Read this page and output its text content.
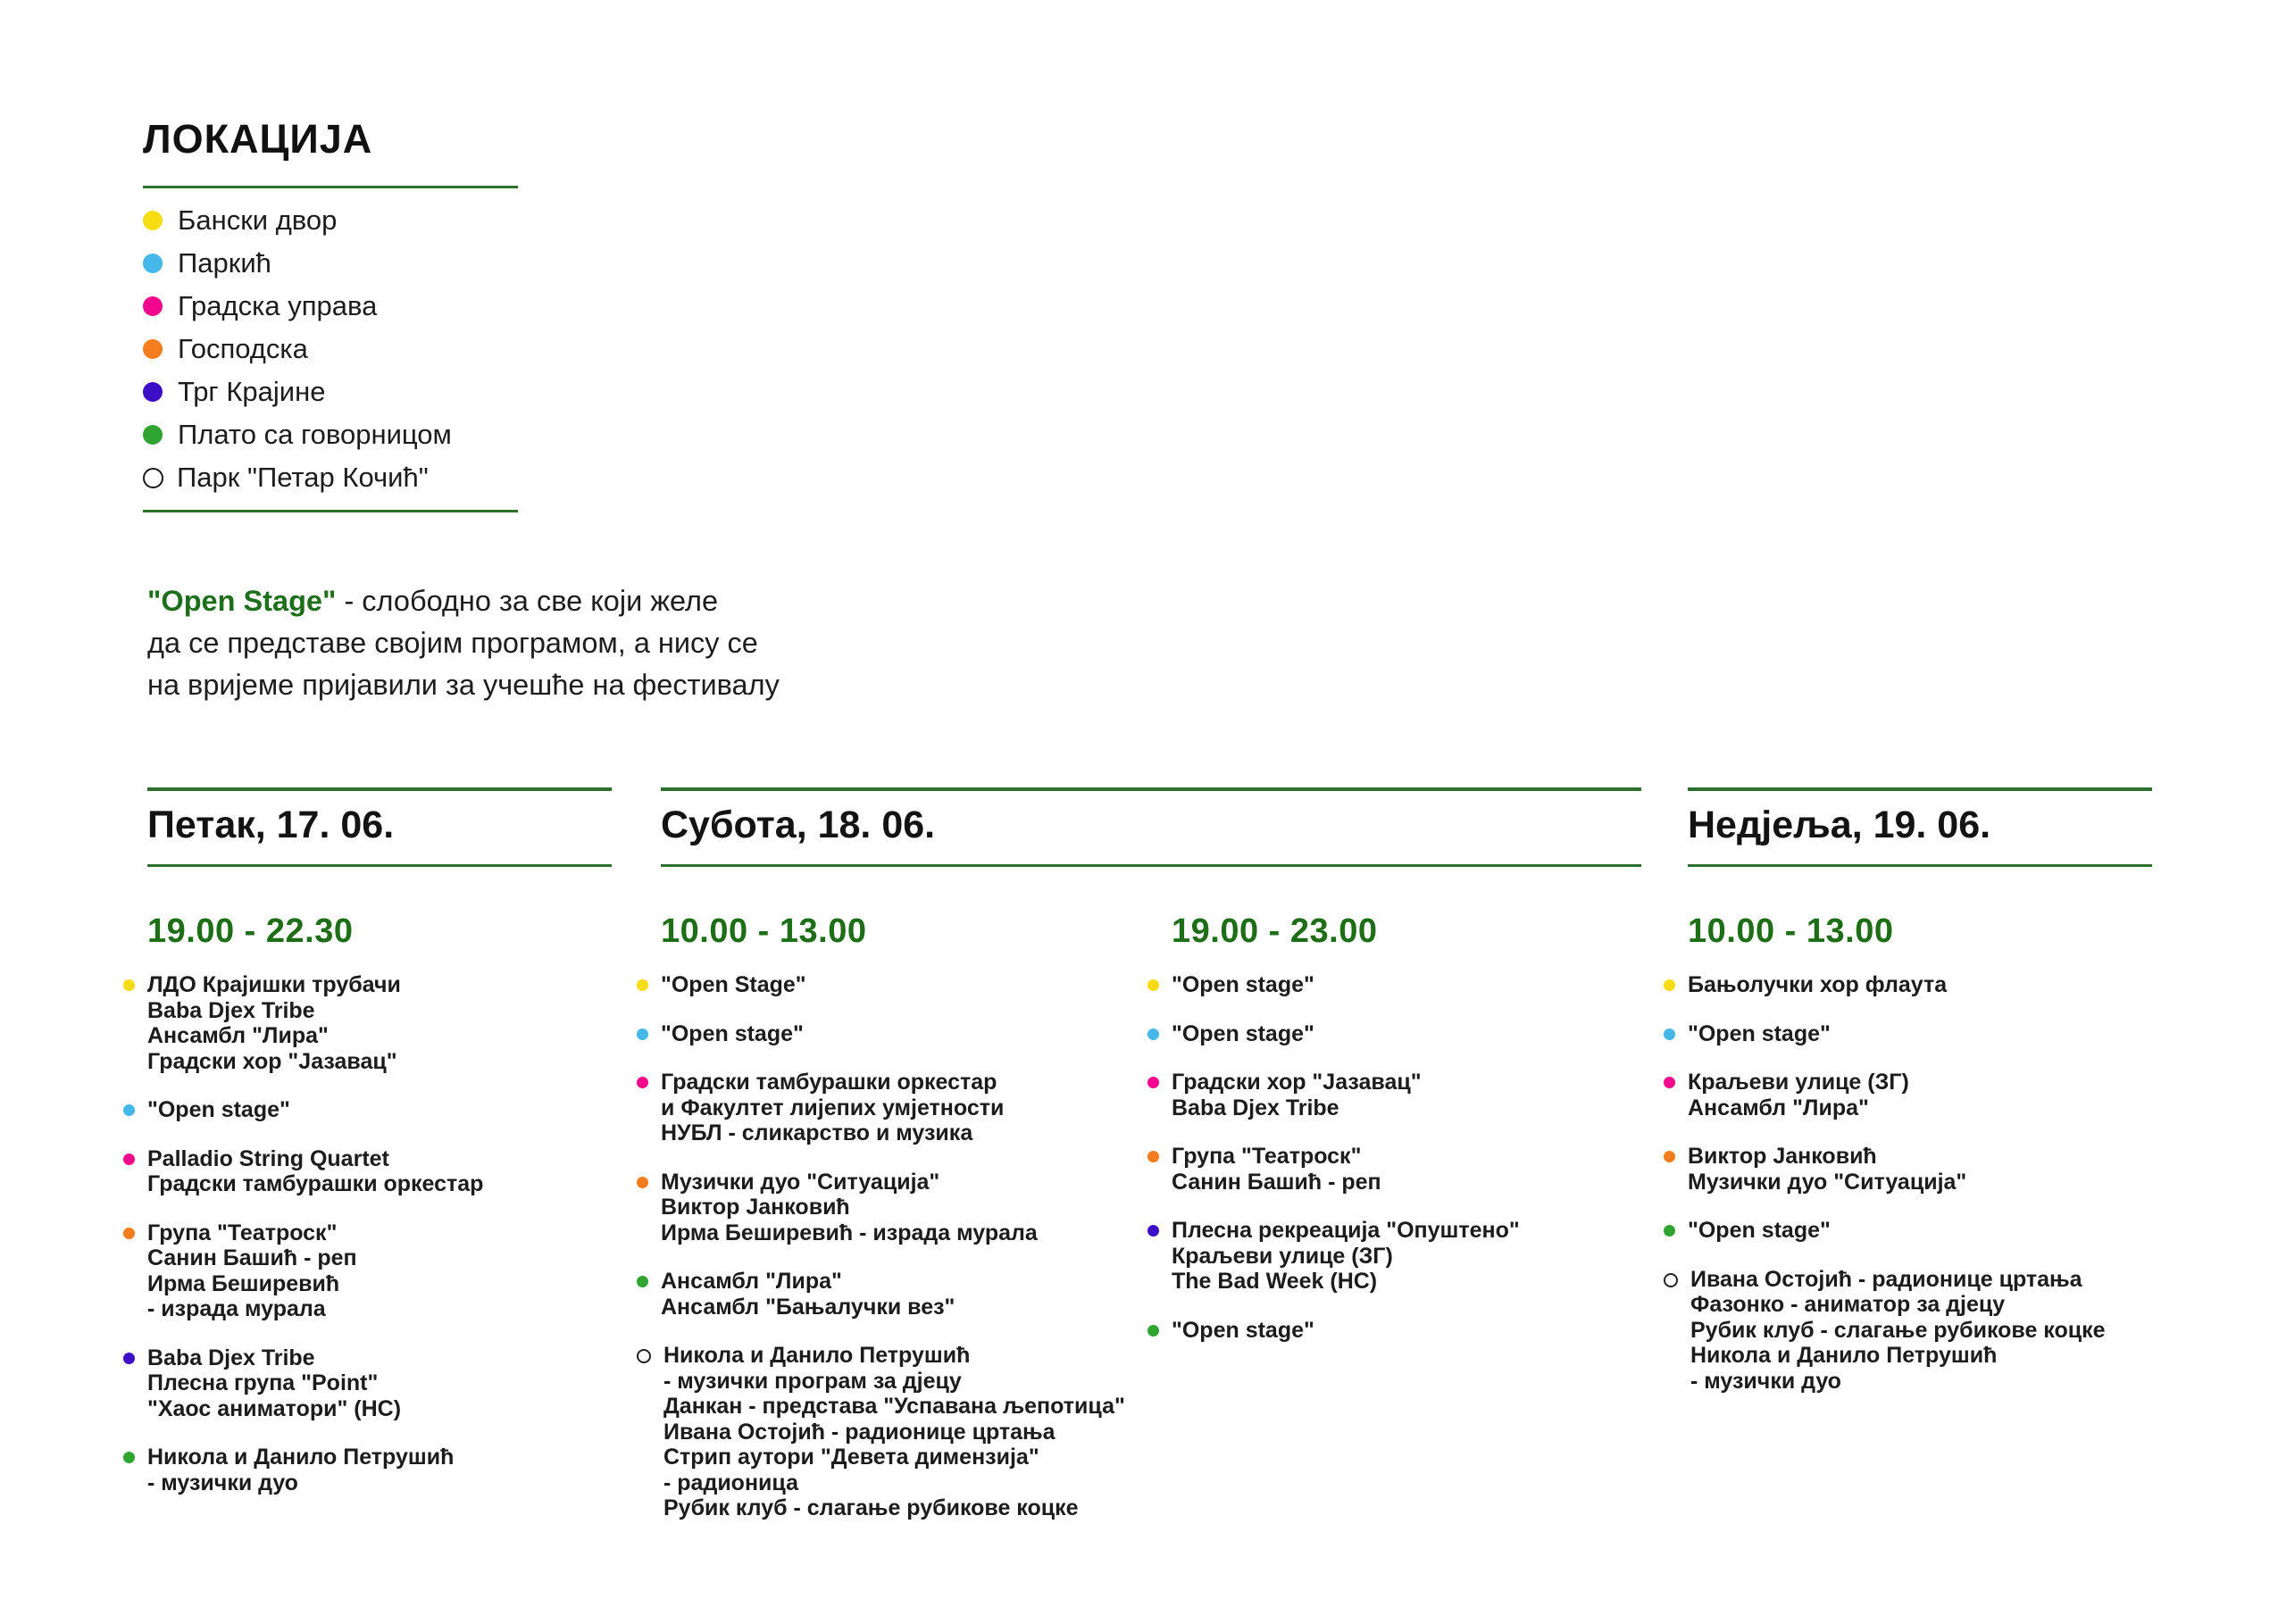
ЛОКАЦИЈА
Бански двор
Паркић
Градска управа
Господска
Трг Крајине
Плато са говорницом
Парк "Петар Кочић"
"Open Stage" - слободно за све који желе
да се представе својим програмом, а нису се
на вријеме пријавили за учешће на фестивалу
Петак, 17. 06.
19.00 - 22.30
ЛДО Крајишки трубачи
Baba Djex Tribe
Ансамбл "Лира"
Градски хор "Јазавац"
"Open stage"
Palladio String Quartet
Градски тамбурашки оркестар
Група "Театроск"
Санин Башић - реп
Ирма Беширевић
- израда мурала
Baba Djex Tribe
Плесна група "Point"
"Хаос аниматори" (НС)
Никола и Данило Петрушић
- музички дуо
Субота, 18. 06.
10.00 - 13.00
"Open Stage"
"Open stage"
Градски тамбурашки оркестар
и Факултет лијепих умјетности
НУБЛ - сликарство и музика
Музички дуо "Ситуација"
Виктор Јанковић
Ирма Беширевић - израда мурала
Ансамбл "Лира"
Ансамбл "Бањалучки вез"
Никола и Данило Петрушић
- музички програм за дјецу
Данкан - представа "Успавана љепотица"
Ивана Остојић - радионице цртања
Стрип аутори "Девета димензија"
- радионица
Рубик клуб - слагање рубикове коцке
19.00 - 23.00
"Open stage"
"Open stage"
Градски хор "Јазавац"
Baba Djex Tribe
Група "Театроск"
Санин Башић - реп
Плесна рекреација "Опуштено"
Краљеви улице (ЗГ)
The Bad Week (НС)
"Open stage"
Недјеља, 19. 06.
10.00 - 13.00
Бањолучки хор флаута
"Open stage"
Краљеви улице (ЗГ)
Ансамбл "Лира"
Виктор Јанковић
Музички дуо "Ситуација"
"Open stage"
Ивана Остојић - радионице цртања
Фазонко - аниматор за дјецу
Рубик клуб - слагање рубикове коцке
Никола и Данило Петрушић
- музички дуо
